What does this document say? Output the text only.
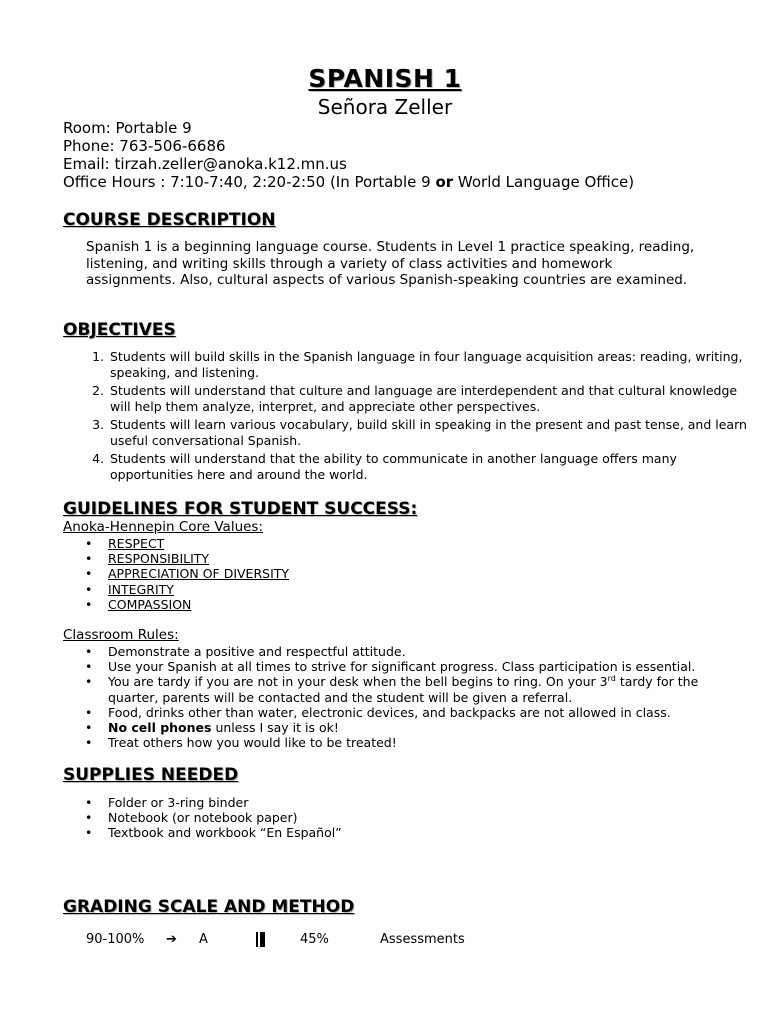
SPANISH 1
Señora Zeller
Room: Portable 9
Phone: 763-506-6686
Email: tirzah.zeller@anoka.k12.mn.us
Office Hours : 7:10-7:40, 2:20-2:50 (In Portable 9 or World Language Office)
COURSE DESCRIPTION
Spanish 1 is a beginning language course. Students in Level 1 practice speaking, reading, listening, and writing skills through a variety of class activities and homework assignments. Also, cultural aspects of various Spanish-speaking countries are examined.
OBJECTIVES
1. Students will build skills in the Spanish language in four language acquisition areas: reading, writing, speaking, and listening.
2. Students will understand that culture and language are interdependent and that cultural knowledge will help them analyze, interpret, and appreciate other perspectives.
3. Students will learn various vocabulary, build skill in speaking in the present and past tense, and learn useful conversational Spanish.
4. Students will understand that the ability to communicate in another language offers many opportunities here and around the world.
GUIDELINES FOR STUDENT SUCCESS:
Anoka-Hennepin Core Values:
• RESPECT
• RESPONSIBILITY
• APPRECIATION OF DIVERSITY
• INTEGRITY
• COMPASSION
Classroom Rules:
• Demonstrate a positive and respectful attitude.
• Use your Spanish at all times to strive for significant progress. Class participation is essential.
• You are tardy if you are not in your desk when the bell begins to ring. On your 3rd tardy for the quarter, parents will be contacted and the student will be given a referral.
• Food, drinks other than water, electronic devices, and backpacks are not allowed in class.
• No cell phones unless I say it is ok!
• Treat others how you would like to be treated!
SUPPLIES NEEDED
• Folder or 3-ring binder
• Notebook (or notebook paper)
• Textbook and workbook “En Español”
GRADING SCALE AND METHOD
90-100% ➔ A	45%	Assessments
